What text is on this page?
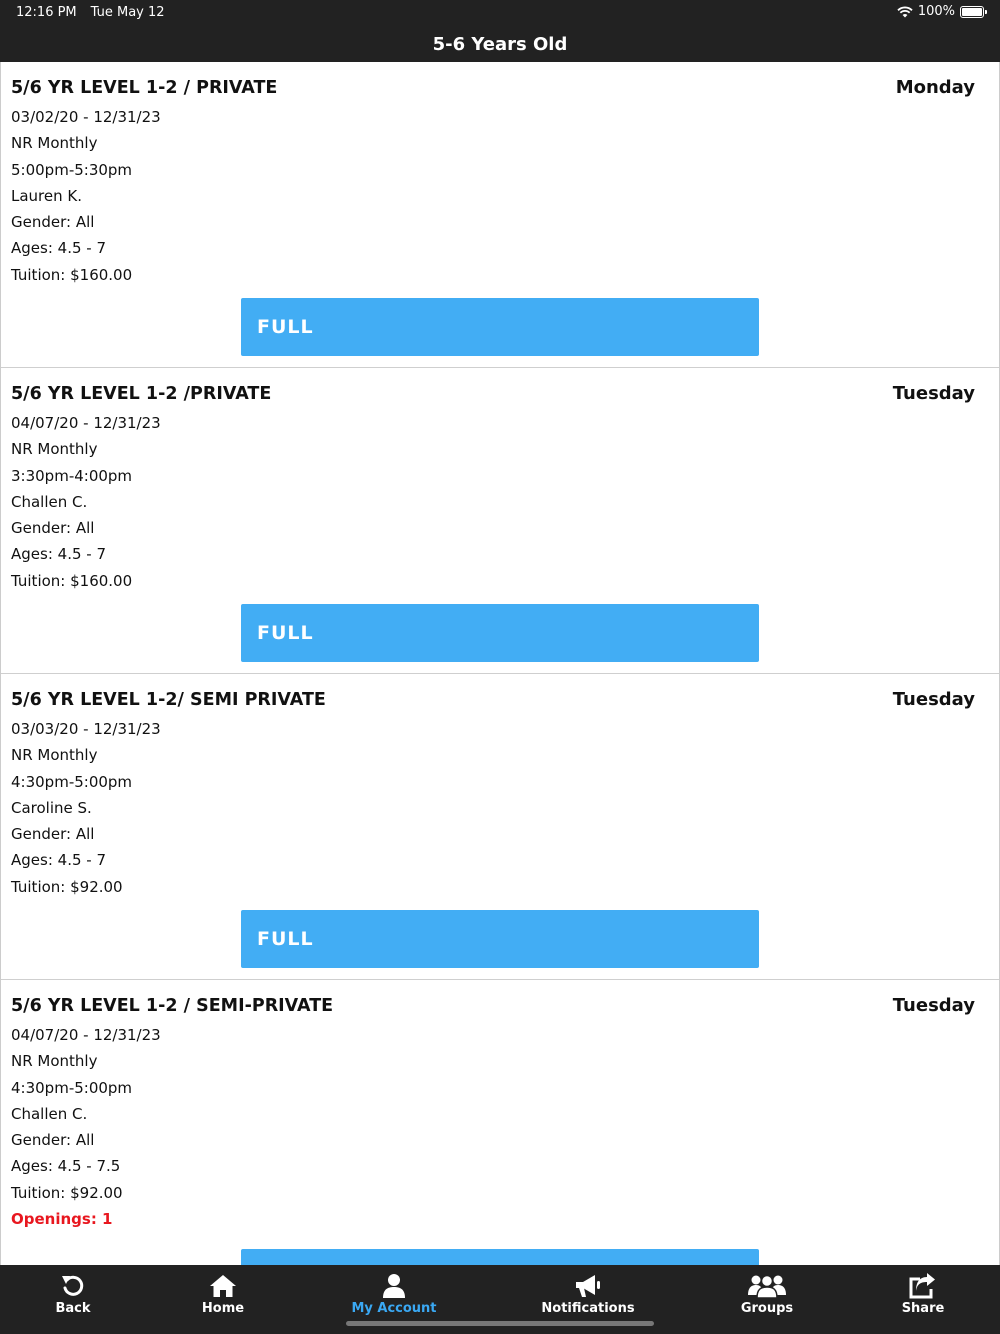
12:16 PM Tue May 12	100%
5-6 Years Old
5/6 YR LEVEL 1-2 / PRIVATE	Monday
03/02/20 - 12/31/23
NR Monthly
5:00pm-5:30pm
Lauren K.
Gender: All
Ages: 4.5 - 7
Tuition: $160.00
FULL
5/6 YR LEVEL 1-2 /PRIVATE	Tuesday
04/07/20 - 12/31/23
NR Monthly
3:30pm-4:00pm
Challen C.
Gender: All
Ages: 4.5 - 7
Tuition: $160.00
FULL
5/6 YR LEVEL 1-2/ SEMI PRIVATE	Tuesday
03/03/20 - 12/31/23
NR Monthly
4:30pm-5:00pm
Caroline S.
Gender: All
Ages: 4.5 - 7
Tuition: $92.00
FULL
5/6 YR LEVEL 1-2 / SEMI-PRIVATE	Tuesday
04/07/20 - 12/31/23
NR Monthly
4:30pm-5:00pm
Challen C.
Gender: All
Ages: 4.5 - 7.5
Tuition: $92.00
Openings: 1
Back	Home	My Account	Notifications	Groups	Share
